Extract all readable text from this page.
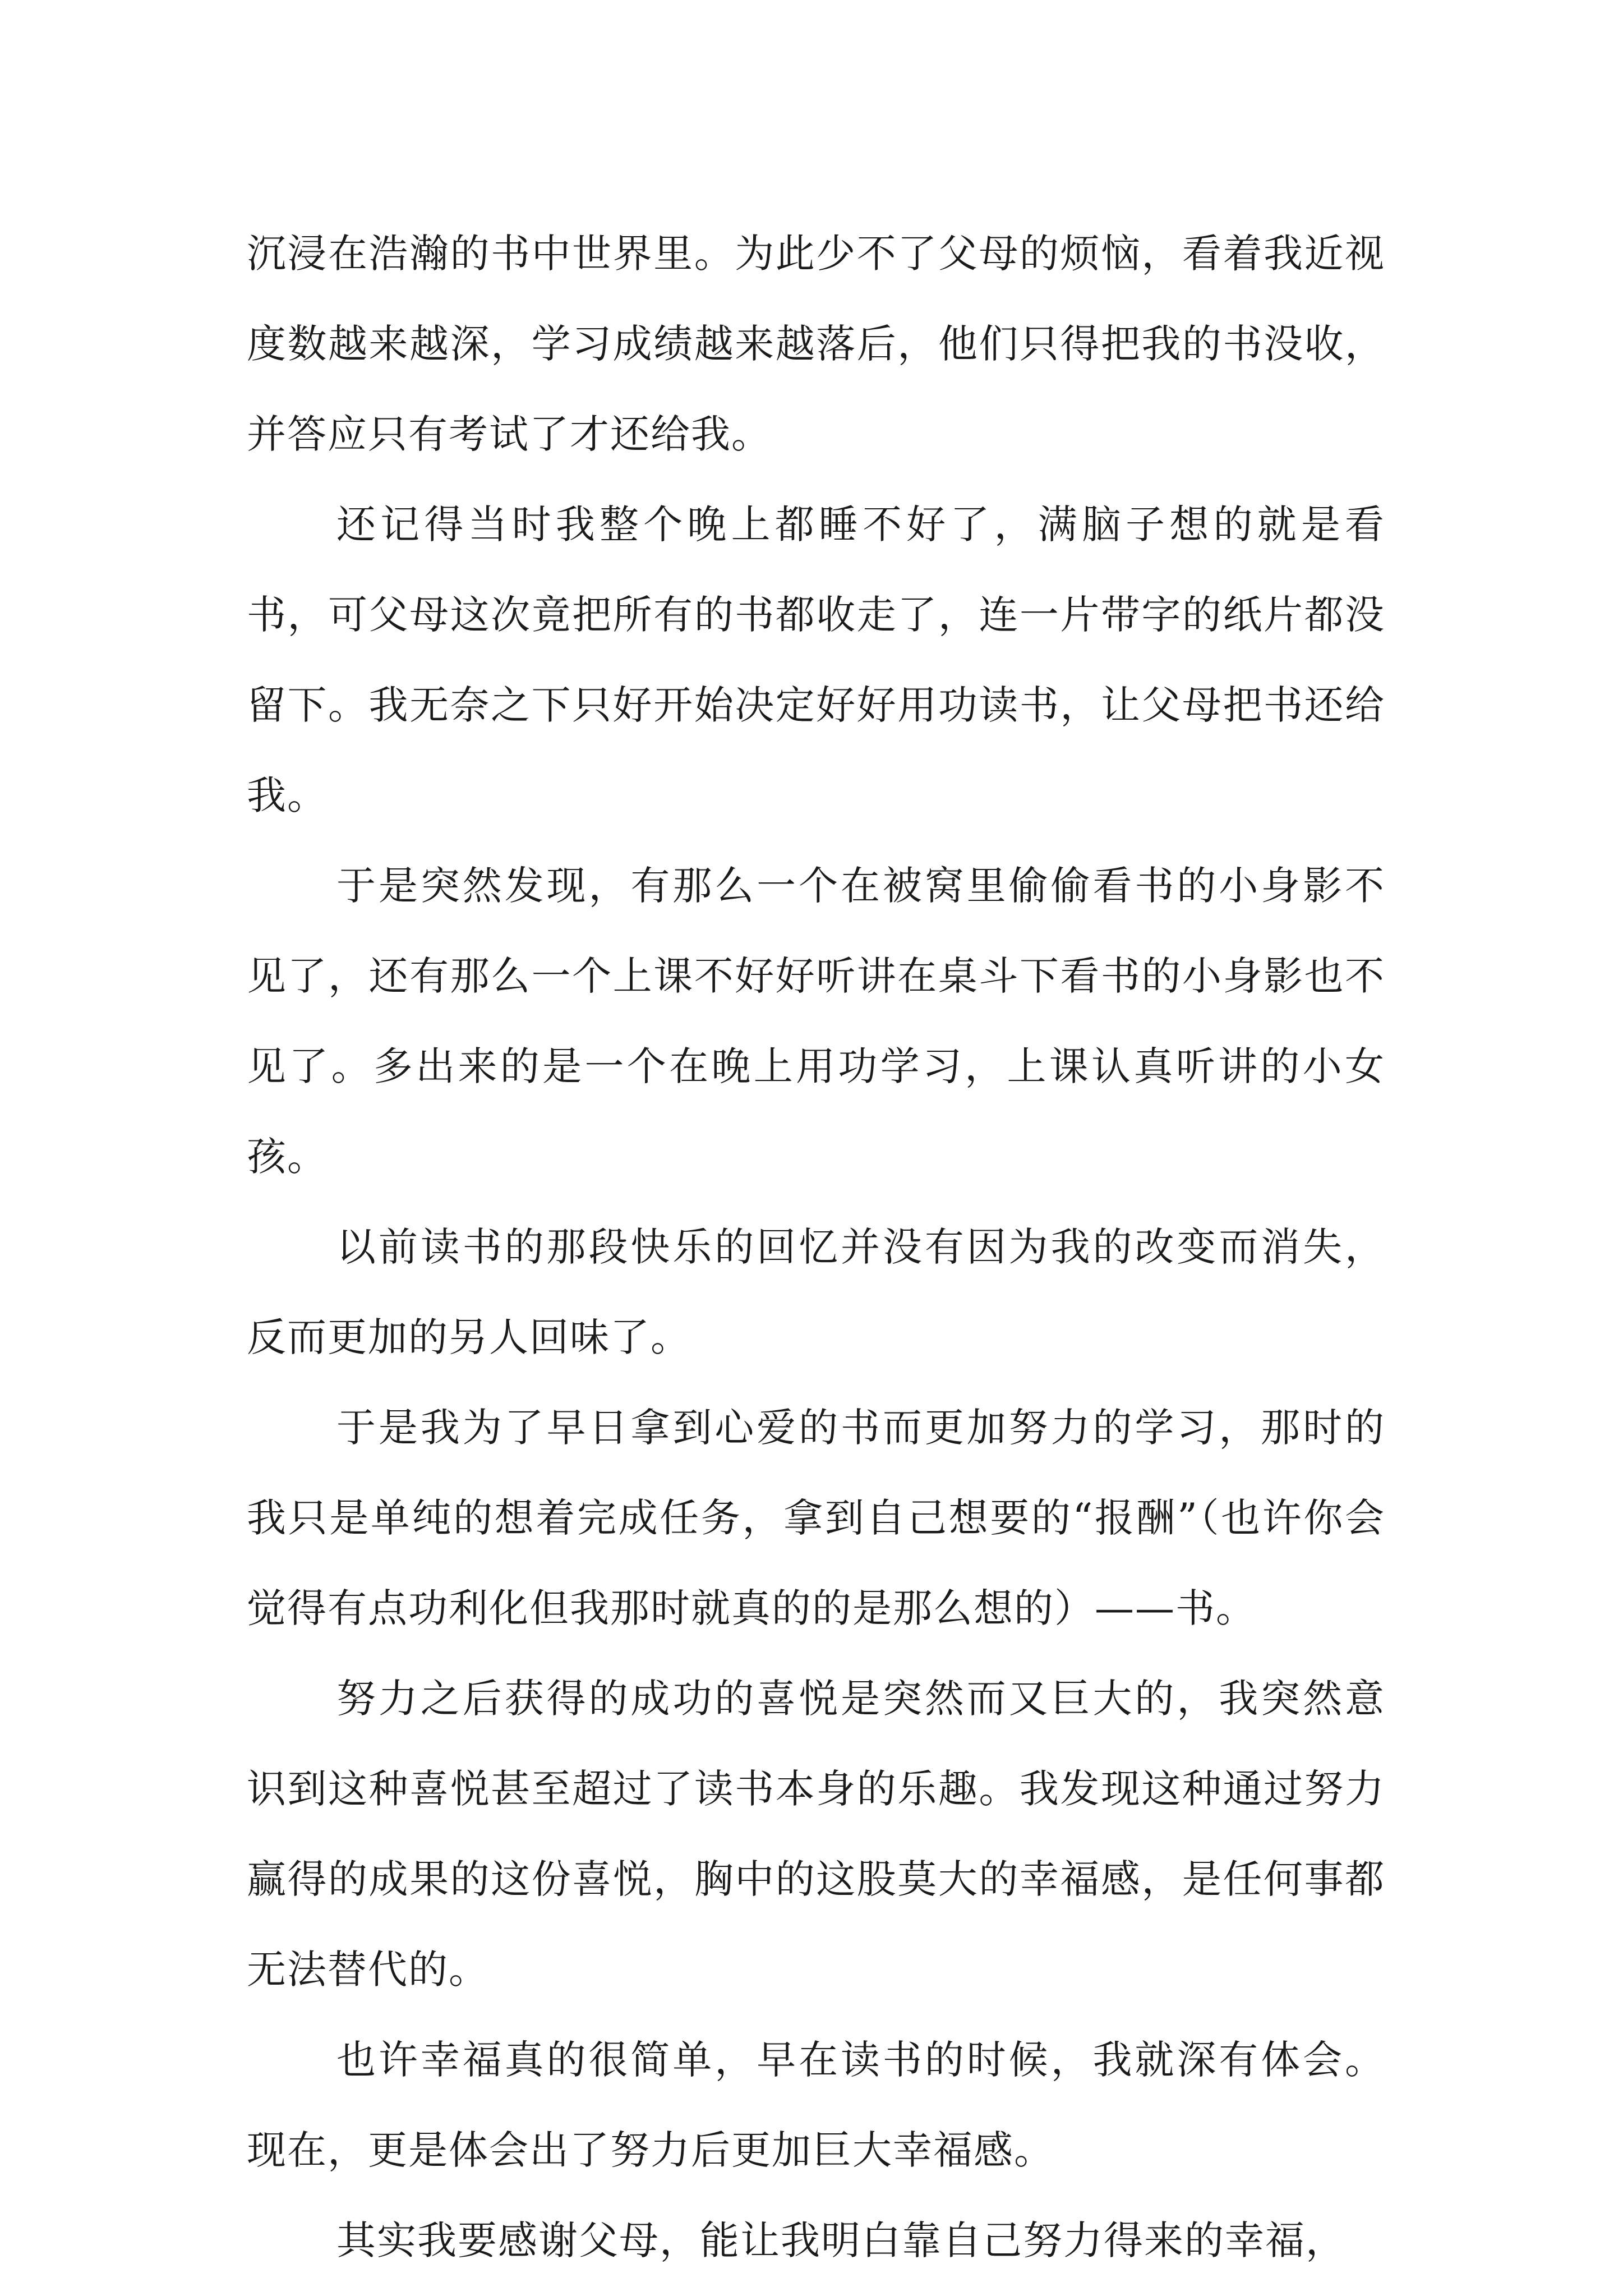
沉浸在浩瀚的书中世界里。为此少不了父母的烦恼，看着我近视度数越来越深，学习成绩越来越落后，他们只得把我的书没收，并答应只有考试了才还给我。

还记得当时我整个晚上都睡不好了，满脑子想的就是看书，可父母这次竟把所有的书都收走了，连一片带字的纸片都没留下。我无奈之下只好开始决定好好用功读书，让父母把书还给我。

于是突然发现，有那么一个在被窝里偷偷看书的小身影不见了，还有那么一个上课不好好听讲在桌斗下看书的小身影也不见了。多出来的是一个在晚上用功学习，上课认真听讲的小女孩。

以前读书的那段快乐的回忆并没有因为我的改变而消失，反而更加的另人回味了。

于是我为了早日拿到心爱的书而更加努力的学习，那时的我只是单纯的想着完成任务，拿到自己想要的“报酬”（也许你会觉得有点功利化但我那时就真的的是那么想的）——书。

努力之后获得的成功的喜悦是突然而又巨大的，我突然意识到这种喜悦甚至超过了读书本身的乐趣。我发现这种通过努力赢得的成果的这份喜悦，胸中的这股莫大的幸福感，是任何事都无法替代的。

也许幸福真的很简单，早在读书的时候，我就深有体会。现在，更是体会出了努力后更加巨大幸福感。

其实我要感谢父母，能让我明白靠自己努力得来的幸福，
